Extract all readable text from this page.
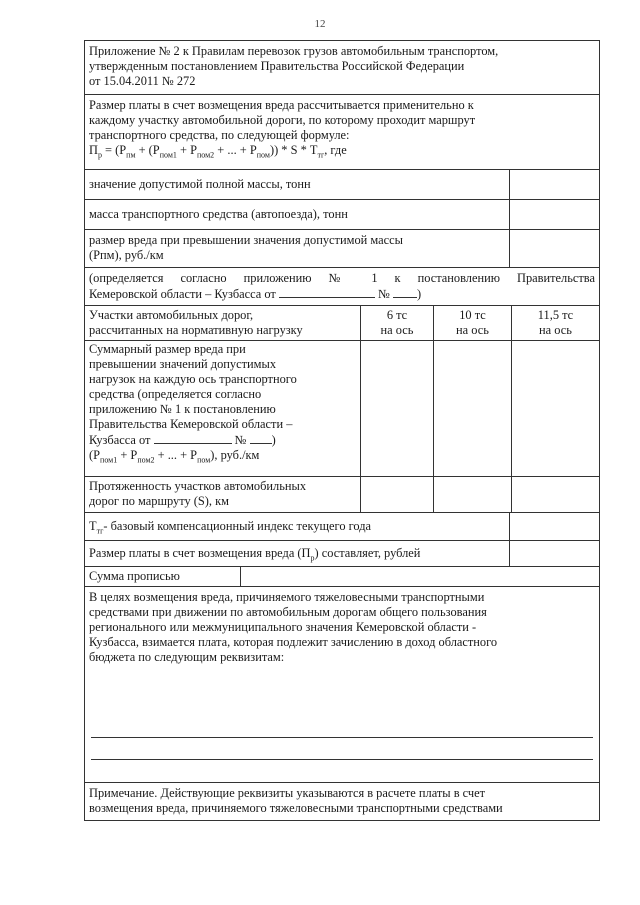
12
Приложение № 2 к Правилам перевозок грузов автомобильным транспортом,
утвержденным постановлением Правительства Российской Федерации
от 15.04.2011 № 272
Размер платы в счет возмещения вреда рассчитывается применительно к
каждому участку автомобильной дороги, по которому проходит маршрут
транспортного средства, по следующей формуле:
$П_р = (Р_{пм} + (Р_{пом1} + Р_{пом2}$ + ... + $Р_{пом}$)) * S * $Т_{тг}$, где
значение допустимой полной массы, тонн
масса транспортного средства (автопоезда), тонн
размер вреда при превышении значения допустимой массы
(Рпм), руб./км
(определяется согласно приложению № 1 к постановлению Правительства
Кемеровской области – Кузбасса от	№ )
Участки автомобильных дорог,
рассчитанных на нормативную нагрузку
6 тс
на ось
10 тс
на ось
11,5 тс
на ось
Суммарный размер вреда при
превышении значений допустимых
нагрузок на каждую ось транспортного
средства (определяется согласно
приложению № 1 к постановлению
Правительства Кемеровской области –
Кузбасса от	№ )
($Р_{пом1} + Р_{пом2}$ + ... + $Р_{пом}$), руб./км
Протяженность участков автомобильных
дорог по маршруту (S), км
$Т_{тг}-$ базовый компенсационный индекс текущего года
Размер платы в счет возмещения вреда $(П_р)$ составляет, рублей
Сумма прописью
В целях возмещения вреда, причиняемого тяжеловесными транспортными
средствами при движении по автомобильным дорогам общего пользования
регионального или межмуниципального значения Кемеровской области -
Кузбасса, взимается плата, которая подлежит зачислению в доход областного
бюджета по следующим реквизитам:
Примечание. Действующие реквизиты указываются в расчете платы в счет
возмещения вреда, причиняемого тяжеловесными транспортными средствами
